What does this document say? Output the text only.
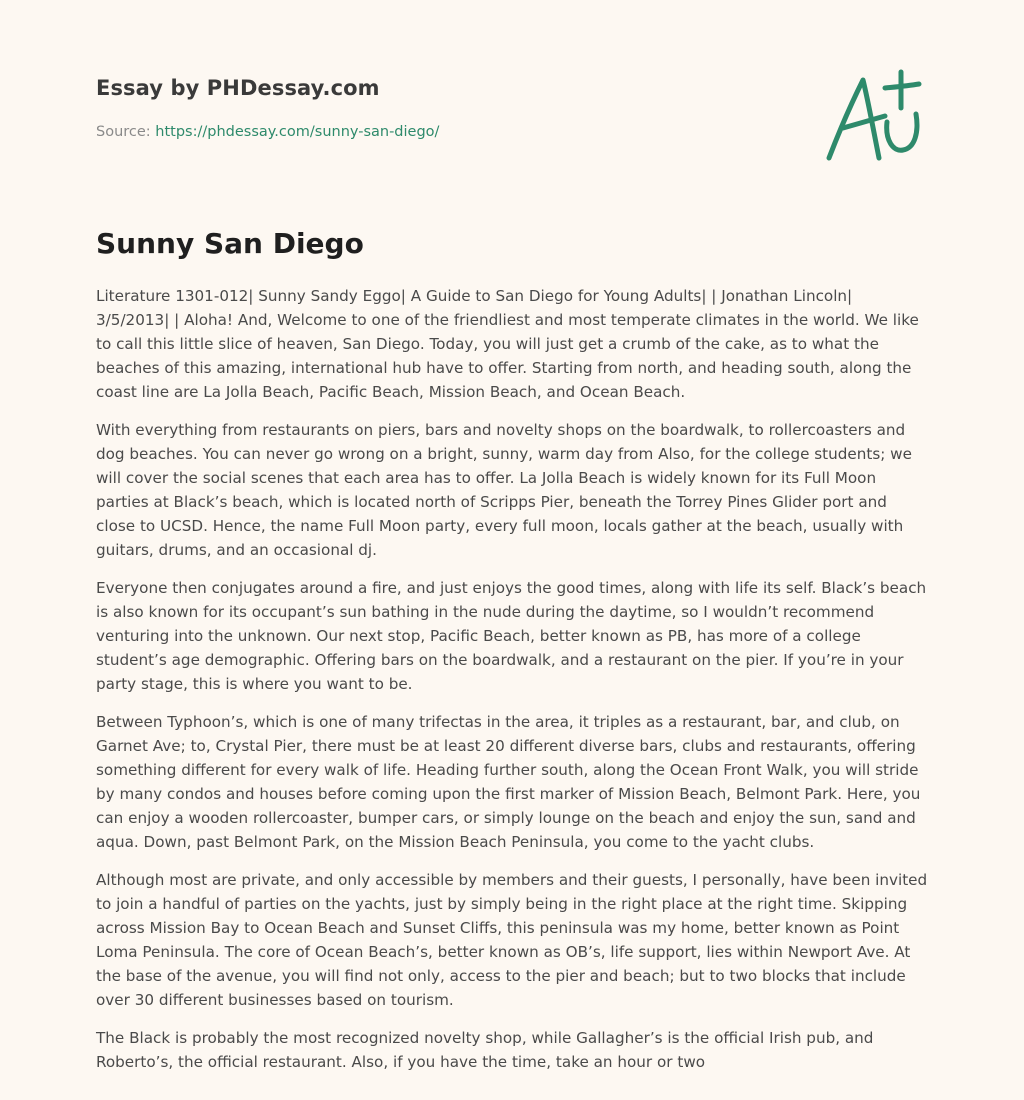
Essay by PHDessay.com
Source: https://phdessay.com/sunny-san-diego/
Sunny San Diego

Literature 1301-012| Sunny Sandy Eggo| A Guide to San Diego for Young Adults| | Jonathan Lincoln| 3/5/2013| | Aloha! And, Welcome to one of the friendliest and most temperate climates in the world. We like to call this little slice of heaven, San Diego. Today, you will just get a crumb of the cake, as to what the beaches of this amazing, international hub have to offer. Starting from north, and heading south, along the coast line are La Jolla Beach, Pacific Beach, Mission Beach, and Ocean Beach.

With everything from restaurants on piers, bars and novelty shops on the boardwalk, to rollercoasters and dog beaches. You can never go wrong on a bright, sunny, warm day from Also, for the college students; we will cover the social scenes that each area has to offer. La Jolla Beach is widely known for its Full Moon parties at Black’s beach, which is located north of Scripps Pier, beneath the Torrey Pines Glider port and close to UCSD. Hence, the name Full Moon party, every full moon, locals gather at the beach, usually with guitars, drums, and an occasional dj.

Everyone then conjugates around a fire, and just enjoys the good times, along with life its self. Black’s beach is also known for its occupant’s sun bathing in the nude during the daytime, so I wouldn’t recommend venturing into the unknown. Our next stop, Pacific Beach, better known as PB, has more of a college student’s age demographic. Offering bars on the boardwalk, and a restaurant on the pier. If you’re in your party stage, this is where you want to be.

Between Typhoon’s, which is one of many trifectas in the area, it triples as a restaurant, bar, and club, on Garnet Ave; to, Crystal Pier, there must be at least 20 different diverse bars, clubs and restaurants, offering something different for every walk of life. Heading further south, along the Ocean Front Walk, you will stride by many condos and houses before coming upon the first marker of Mission Beach, Belmont Park. Here, you can enjoy a wooden rollercoaster, bumper cars, or simply lounge on the beach and enjoy the sun, sand and aqua. Down, past Belmont Park, on the Mission Beach Peninsula, you come to the yacht clubs.

Although most are private, and only accessible by members and their guests, I personally, have been invited to join a handful of parties on the yachts, just by simply being in the right place at the right time. Skipping across Mission Bay to Ocean Beach and Sunset Cliffs, this peninsula was my home, better known as Point Loma Peninsula. The core of Ocean Beach’s, better known as OB’s, life support, lies within Newport Ave. At the base of the avenue, you will find not only, access to the pier and beach; but to two blocks that include over 30 different businesses based on tourism.

The Black is probably the most recognized novelty shop, while Gallagher’s is the official Irish pub, and Roberto’s, the official restaurant. Also, if you have the time, take an hour or two
